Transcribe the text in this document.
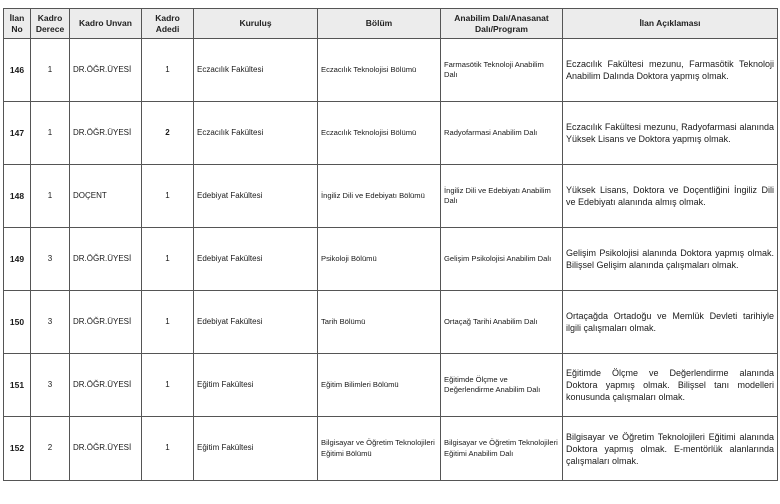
İlan No	Kadro Derece	Kadro Unvan	Kadro Adedi	Kuruluş	Bölüm	Anabilim Dalı/Anasanat Dalı/Program	İlan Açıklaması
146	1	DR.ÖĞR.ÜYESİ	1	Eczacılık Fakültesi	Eczacılık Teknolojisi Bölümü	Farmasötik Teknoloji Anabilim Dalı	Eczacılık Fakültesi mezunu, Farmasötik Teknoloji Anabilim Dalında Doktora yapmış olmak.
147	1	DR.ÖĞR.ÜYESİ	2	Eczacılık Fakültesi	Eczacılık Teknolojisi Bölümü	Radyofarmasi Anabilim Dalı	Eczacılık Fakültesi mezunu, Radyofarmasi alanında Yüksek Lisans ve Doktora yapmış olmak.
148	1	DOÇENT	1	Edebiyat Fakültesi	İngiliz Dili ve Edebiyatı Bölümü	İngiliz Dili ve Edebiyatı Anabilim Dalı	Yüksek Lisans, Doktora ve Doçentliğini İngiliz Dili ve Edebiyatı alanında almış olmak.
149	3	DR.ÖĞR.ÜYESİ	1	Edebiyat Fakültesi	Psikoloji Bölümü	Gelişim Psikolojisi Anabilim Dalı	Gelişim Psikolojisi alanında Doktora yapmış olmak. Bilişsel Gelişim alanında çalışmaları olmak.
150	3	DR.ÖĞR.ÜYESİ	1	Edebiyat Fakültesi	Tarih Bölümü	Ortaçağ Tarihi Anabilim Dalı	Ortaçağda Ortadoğu ve Memlük Devleti tarihiyle ilgili çalışmaları olmak.
151	3	DR.ÖĞR.ÜYESİ	1	Eğitim Fakültesi	Eğitim Bilimleri Bölümü	Eğitimde Ölçme ve Değerlendirme Anabilim Dalı	Eğitimde Ölçme ve Değerlendirme alanında Doktora yapmış olmak. Bilişsel tanı modelleri konusunda çalışmaları olmak.
152	2	DR.ÖĞR.ÜYESİ	1	Eğitim Fakültesi	Bilgisayar ve Öğretim Teknolojileri Eğitimi Bölümü	Bilgisayar ve Öğretim Teknolojileri Eğitimi Anabilim Dalı	Bilgisayar ve Öğretim Teknolojileri Eğitimi alanında Doktora yapmış olmak. E-mentörlük alanlarında çalışmaları olmak.
